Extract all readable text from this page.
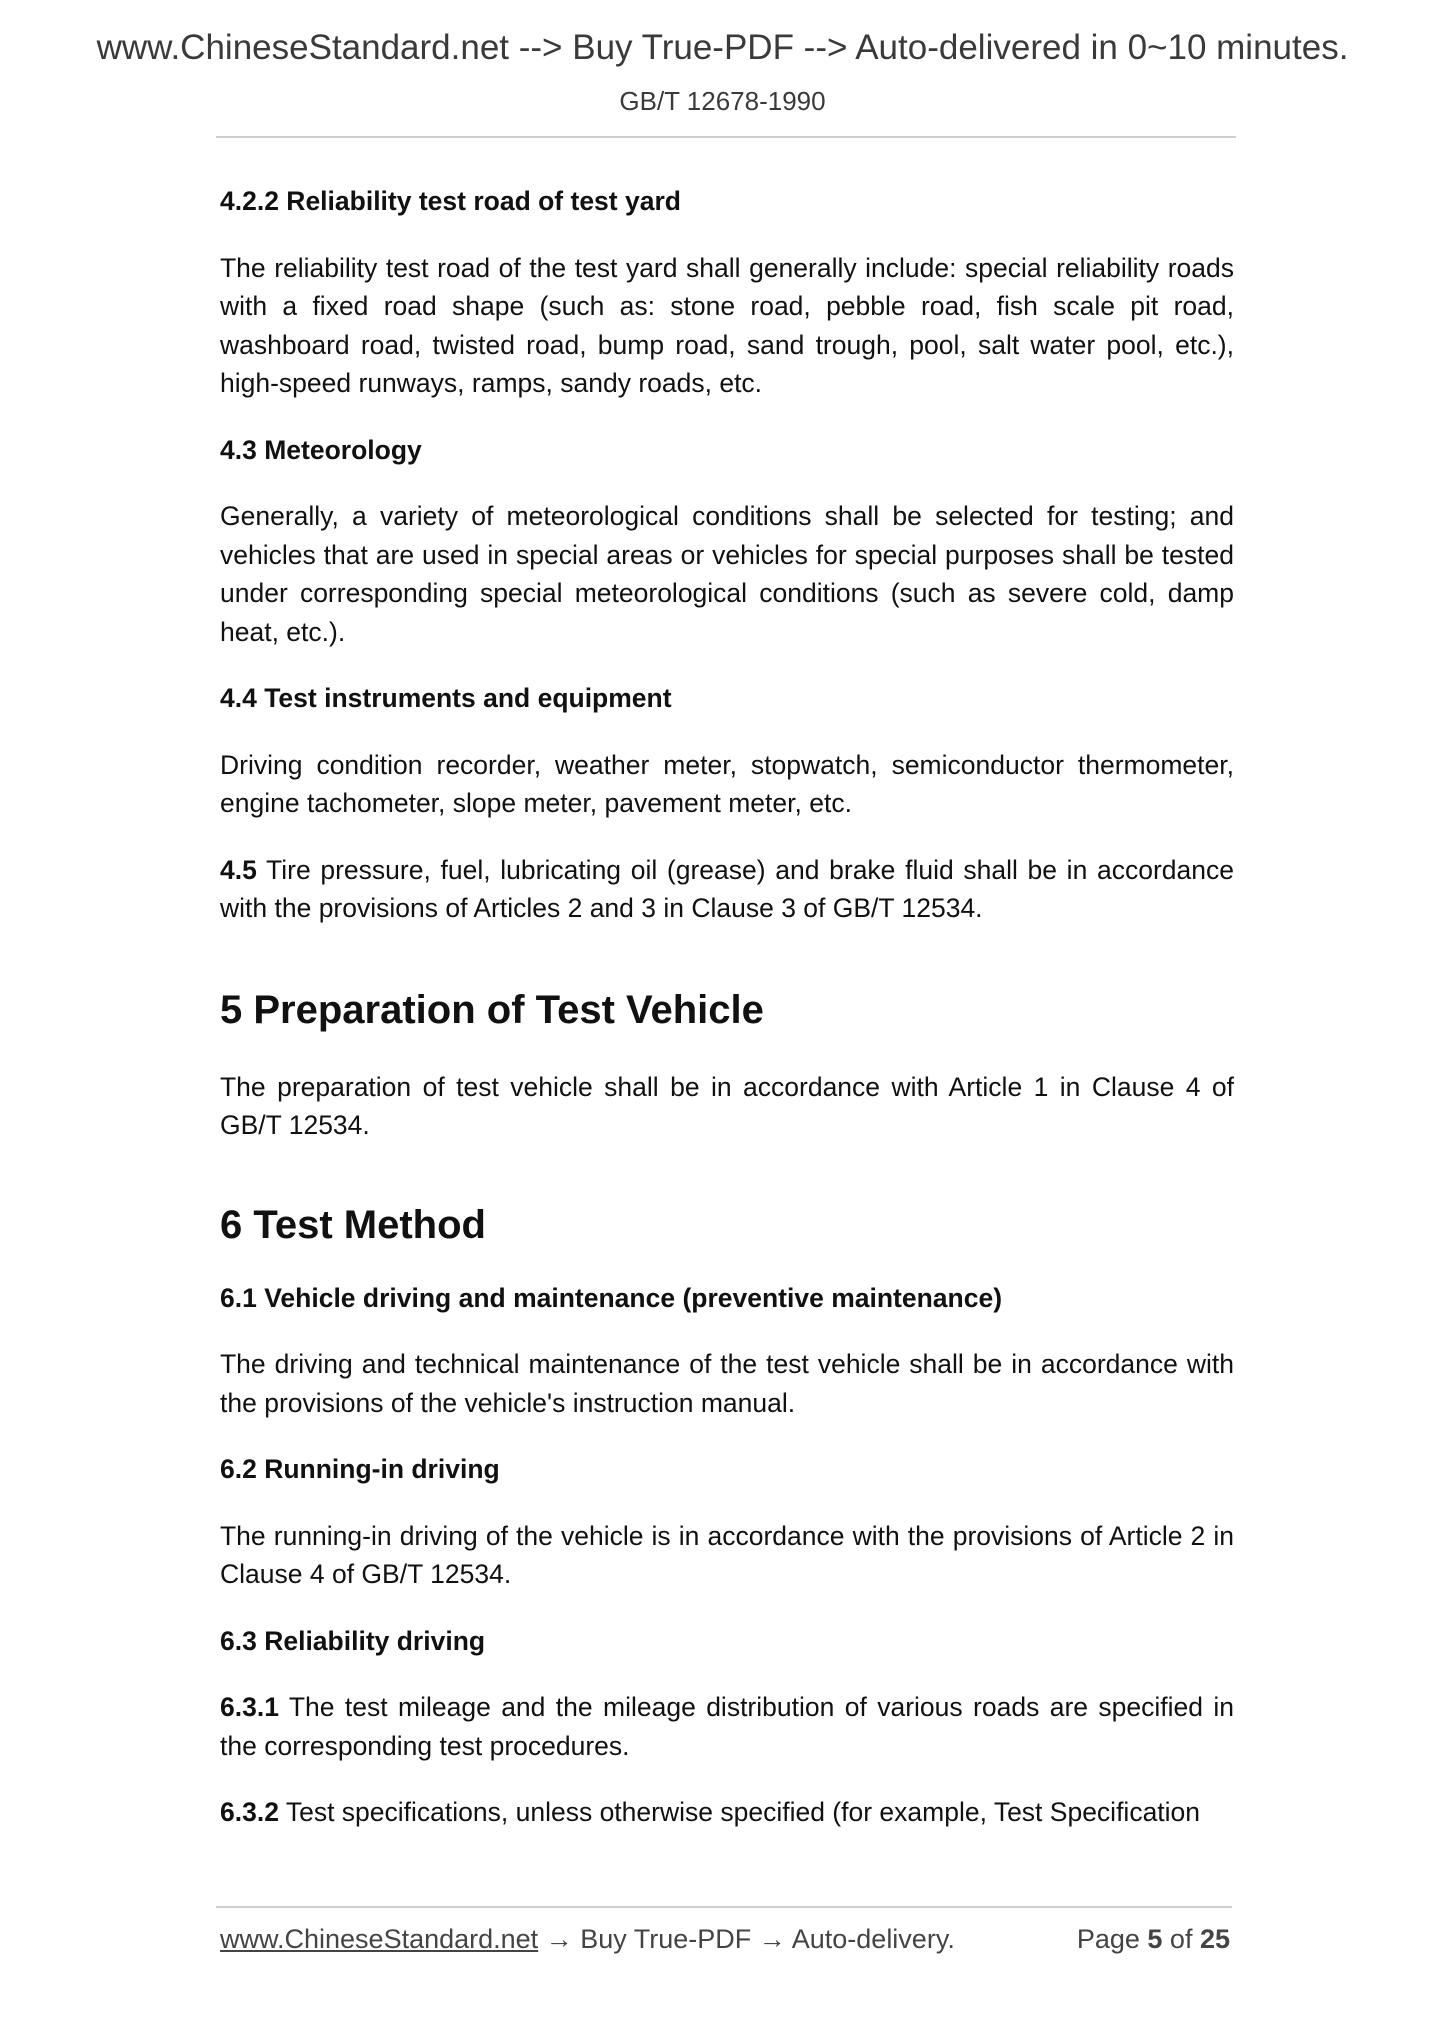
www.ChineseStandard.net --> Buy True-PDF --> Auto-delivered in 0~10 minutes.
GB/T 12678-1990
4.2.2 Reliability test road of test yard

The reliability test road of the test yard shall generally include: special reliability roads with a fixed road shape (such as: stone road, pebble road, fish scale pit road, washboard road, twisted road, bump road, sand trough, pool, salt water pool, etc.), high-speed runways, ramps, sandy roads, etc.

4.3 Meteorology

Generally, a variety of meteorological conditions shall be selected for testing; and vehicles that are used in special areas or vehicles for special purposes shall be tested under corresponding special meteorological conditions (such as severe cold, damp heat, etc.).

4.4 Test instruments and equipment

Driving condition recorder, weather meter, stopwatch, semiconductor thermometer, engine tachometer, slope meter, pavement meter, etc.

4.5 Tire pressure, fuel, lubricating oil (grease) and brake fluid shall be in accordance with the provisions of Articles 2 and 3 in Clause 3 of GB/T 12534.

5 Preparation of Test Vehicle

The preparation of test vehicle shall be in accordance with Article 1 in Clause 4 of GB/T 12534.

6 Test Method
6.1 Vehicle driving and maintenance (preventive maintenance)

The driving and technical maintenance of the test vehicle shall be in accordance with the provisions of the vehicle's instruction manual.

6.2 Running-in driving

The running-in driving of the vehicle is in accordance with the provisions of Article 2 in Clause 4 of GB/T 12534.

6.3 Reliability driving

6.3.1 The test mileage and the mileage distribution of various roads are specified in the corresponding test procedures.

6.3.2 Test specifications, unless otherwise specified (for example, Test Specification

www.ChineseStandard.net → Buy True-PDF → Auto-delivery.	Page 5 of 25
